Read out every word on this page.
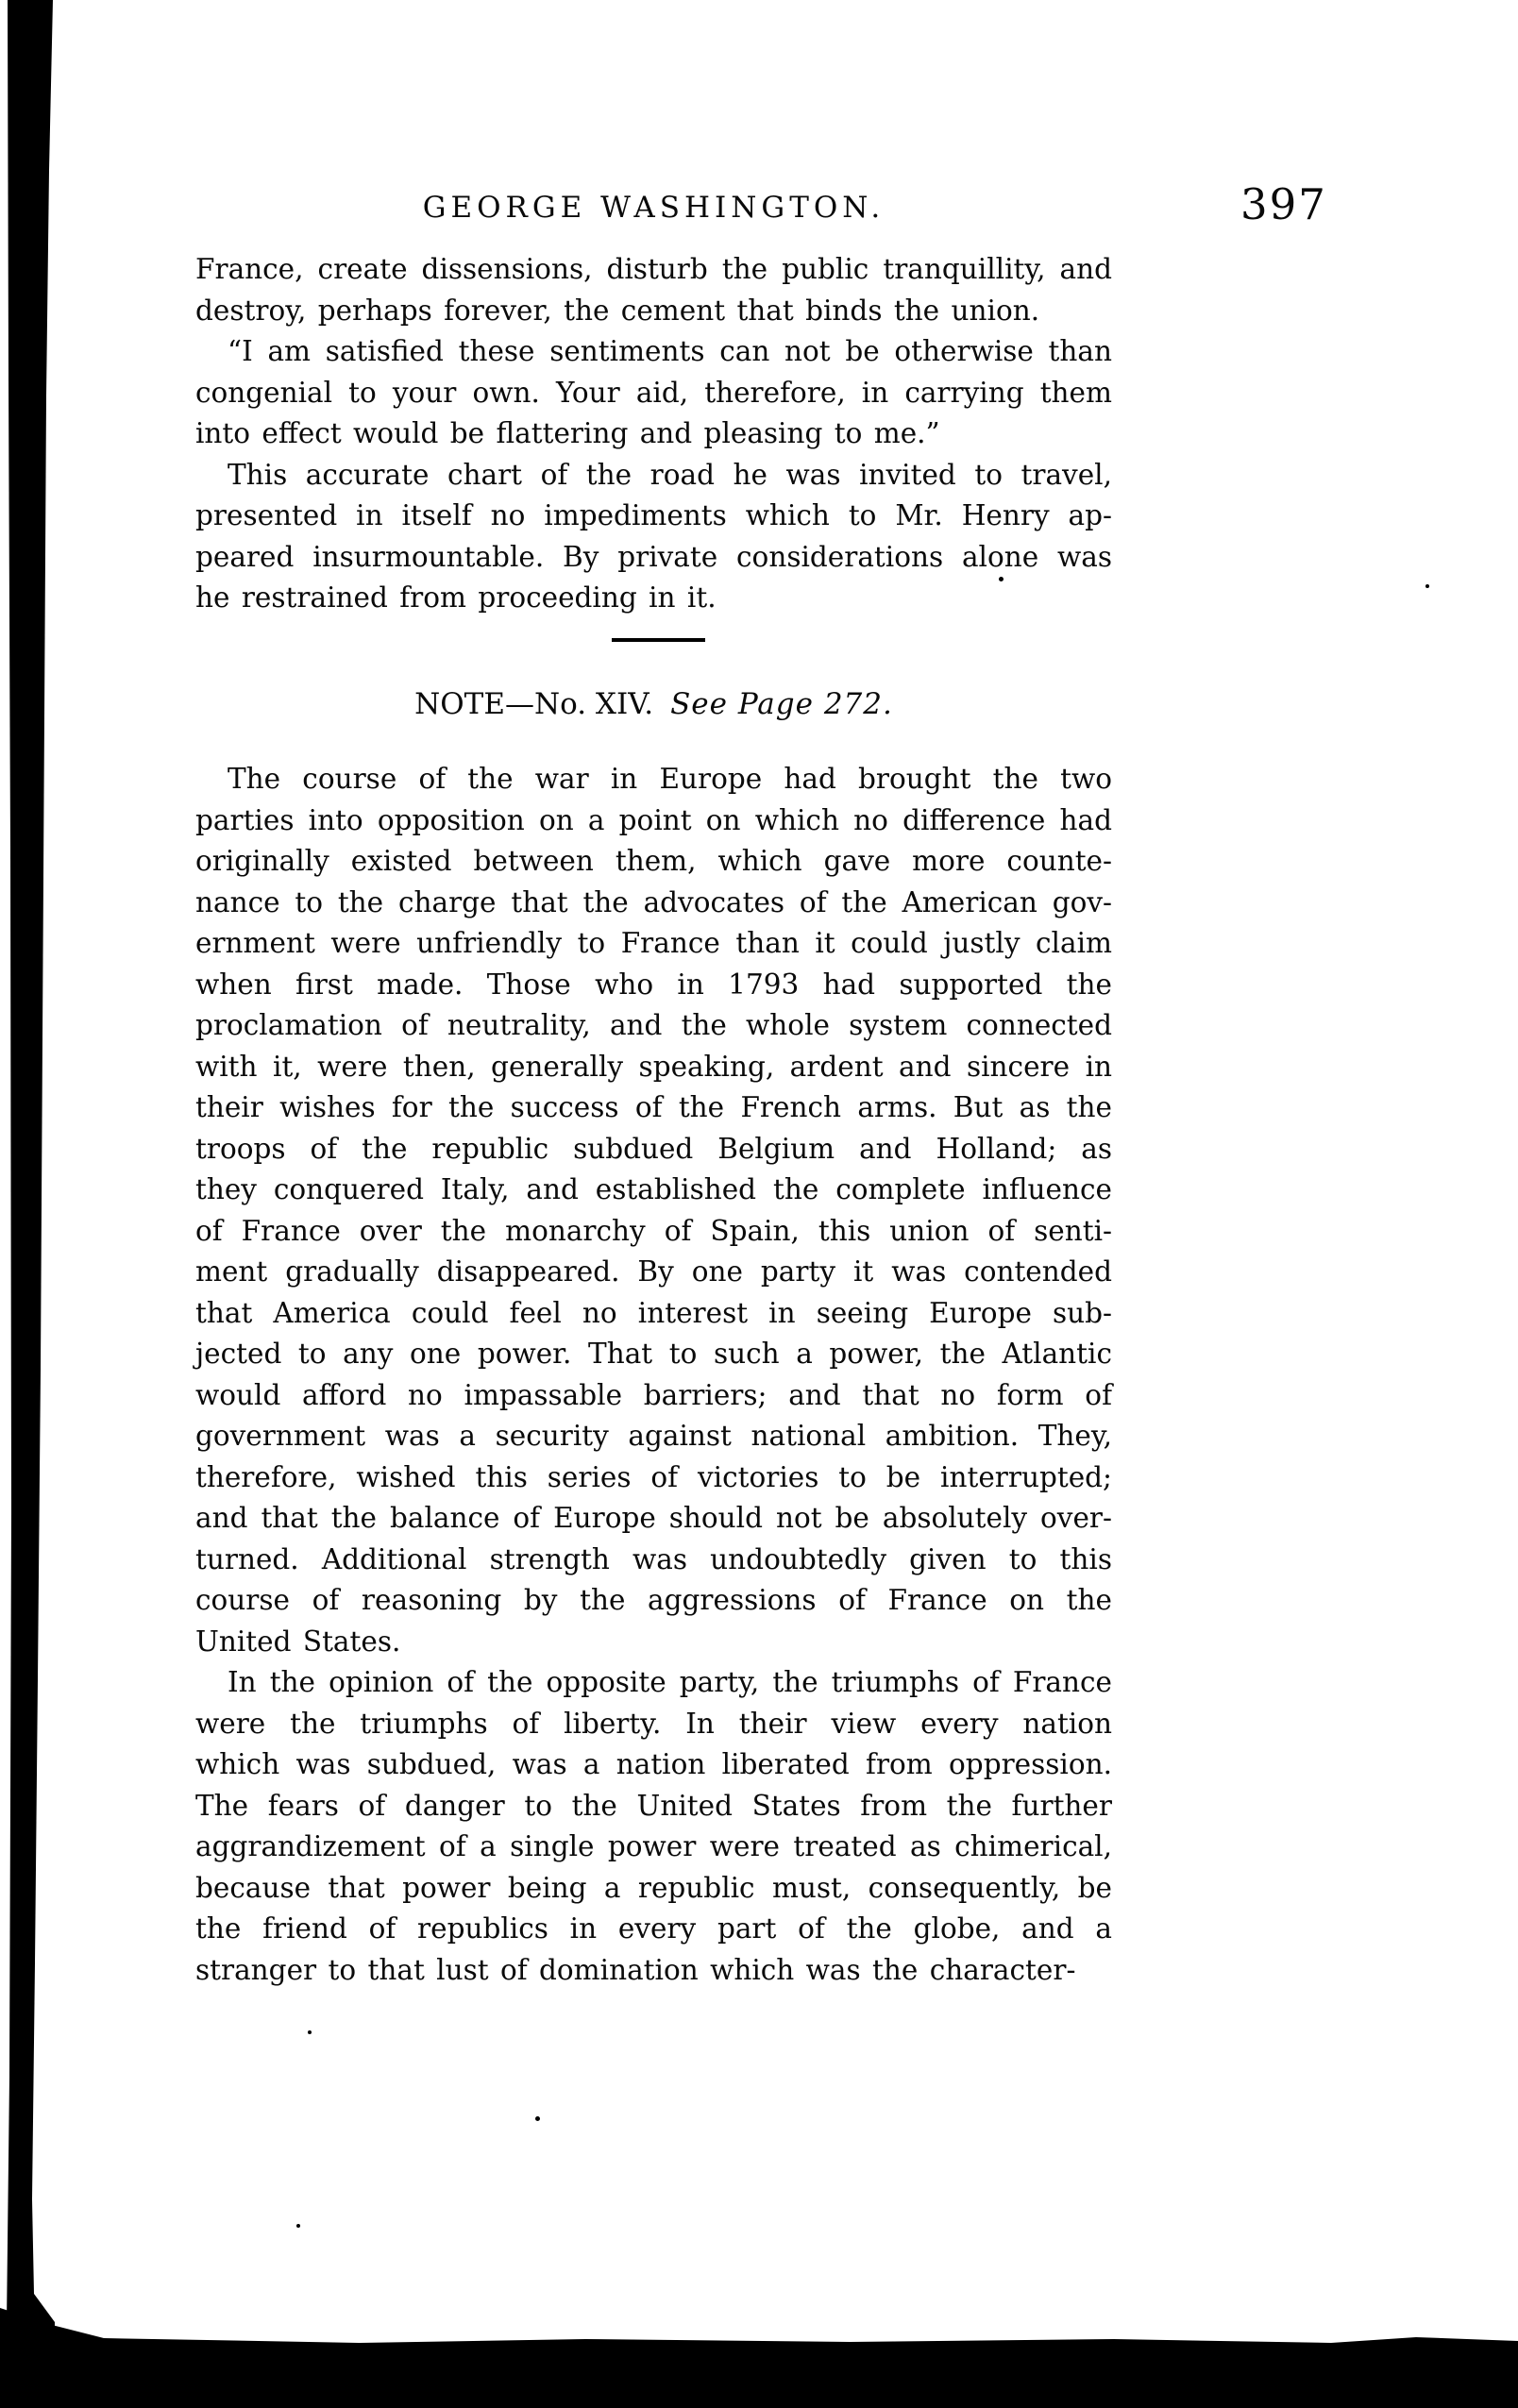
GEORGE WASHINGTON.	397
France, create dissensions, disturb the public tranquillity, and
destroy, perhaps forever, the cement that binds the union.
“I am satisfied these sentiments can not be otherwise than
congenial to your own. Your aid, therefore, in carrying them
into effect would be flattering and pleasing to me.”
This accurate chart of the road he was invited to travel,
presented in itself no impediments which to Mr. Henry ap-
peared insurmountable. By private considerations alone was
he restrained from proceeding in it.
NOTE—No. XIV. See Page 272.
The course of the war in Europe had brought the two
parties into opposition on a point on which no difference had
originally existed between them, which gave more counte-
nance to the charge that the advocates of the American gov-
ernment were unfriendly to France than it could justly claim
when first made. Those who in 1793 had supported the
proclamation of neutrality, and the whole system connected
with it, were then, generally speaking, ardent and sincere in
their wishes for the success of the French arms. But as the
troops of the republic subdued Belgium and Holland; as
they conquered Italy, and established the complete influence
of France over the monarchy of Spain, this union of senti-
ment gradually disappeared. By one party it was contended
that America could feel no interest in seeing Europe sub-
jected to any one power. That to such a power, the Atlantic
would afford no impassable barriers; and that no form of
government was a security against national ambition. They,
therefore, wished this series of victories to be interrupted;
and that the balance of Europe should not be absolutely over-
turned. Additional strength was undoubtedly given to this
course of reasoning by the aggressions of France on the
United States.
In the opinion of the opposite party, the triumphs of France
were the triumphs of liberty. In their view every nation
which was subdued, was a nation liberated from oppression.
The fears of danger to the United States from the further
aggrandizement of a single power were treated as chimerical,
because that power being a republic must, consequently, be
the friend of republics in every part of the globe, and a
stranger to that lust of domination which was the character-
